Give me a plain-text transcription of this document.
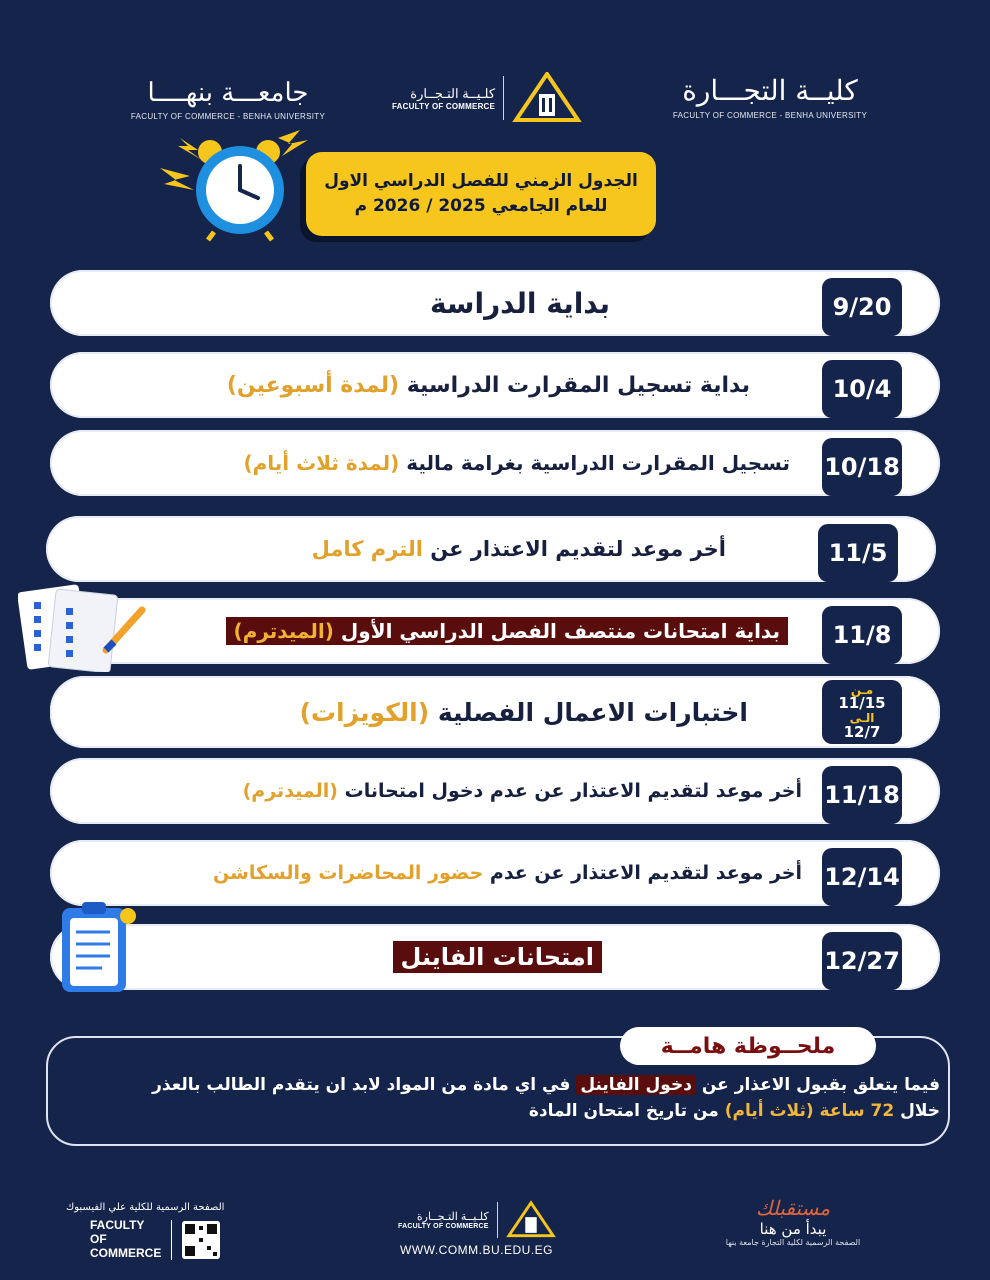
جامعـــة بنهــــا
FACULTY OF COMMERCE - BENHA UNIVERSITY
كلـيــة التـجــارة
FACULTY OF COMMERCE	كليــة التجـــارة
FACULTY OF COMMERCE - BENHA UNIVERSITY
الجدول الزمني للفصل الدراسي الاول
للعام الجامعي 2025 / 2026 م
9/20
بداية الدراسة
10/4
بداية تسجيل المقرارت الدراسية

(لمدة أسبوعين)
10/18
تسجيل المقرارت الدراسية بغرامة مالية

(لمدة ثلاث أيام)
11/5
أخر موعد لتقديم الاعتذار عن

الترم كامل
11/8
بداية امتحانات منتصف الفصل الدراسي الأول (الميدترم)
مـن
11/15
الـى
12/7
اختبارات الاعمال الفصلية

(الكويزات)
11/18
أخر موعد لتقديم الاعتذار عن عدم دخول امتحانات

(الميدترم)
12/14
أخر موعد لتقديم الاعتذار عن عدم

حضور المحاضرات والسكاشن
12/27
امتحانات الفاينل
ملحــوظة هامــة
فيما يتعلق بقبول الاعذار عن دخول الفاينل في اي مادة من المواد لابد ان يتقدم الطالب بالعذر
خلال 72 ساعة (ثلاث أيام) من تاريخ امتحان المادة
الصفحة الرسمية للكلية علي الفيسبوك
FACULTY
OF
COMMERCE
كلـيــة التـجــارة
FACULTY OF COMMERCE
WWW.COMM.BU.EDU.EG
مستقبلك
يبدأ من هنا
الصفحة الرسمية لكلية التجارة جامعة بنها
